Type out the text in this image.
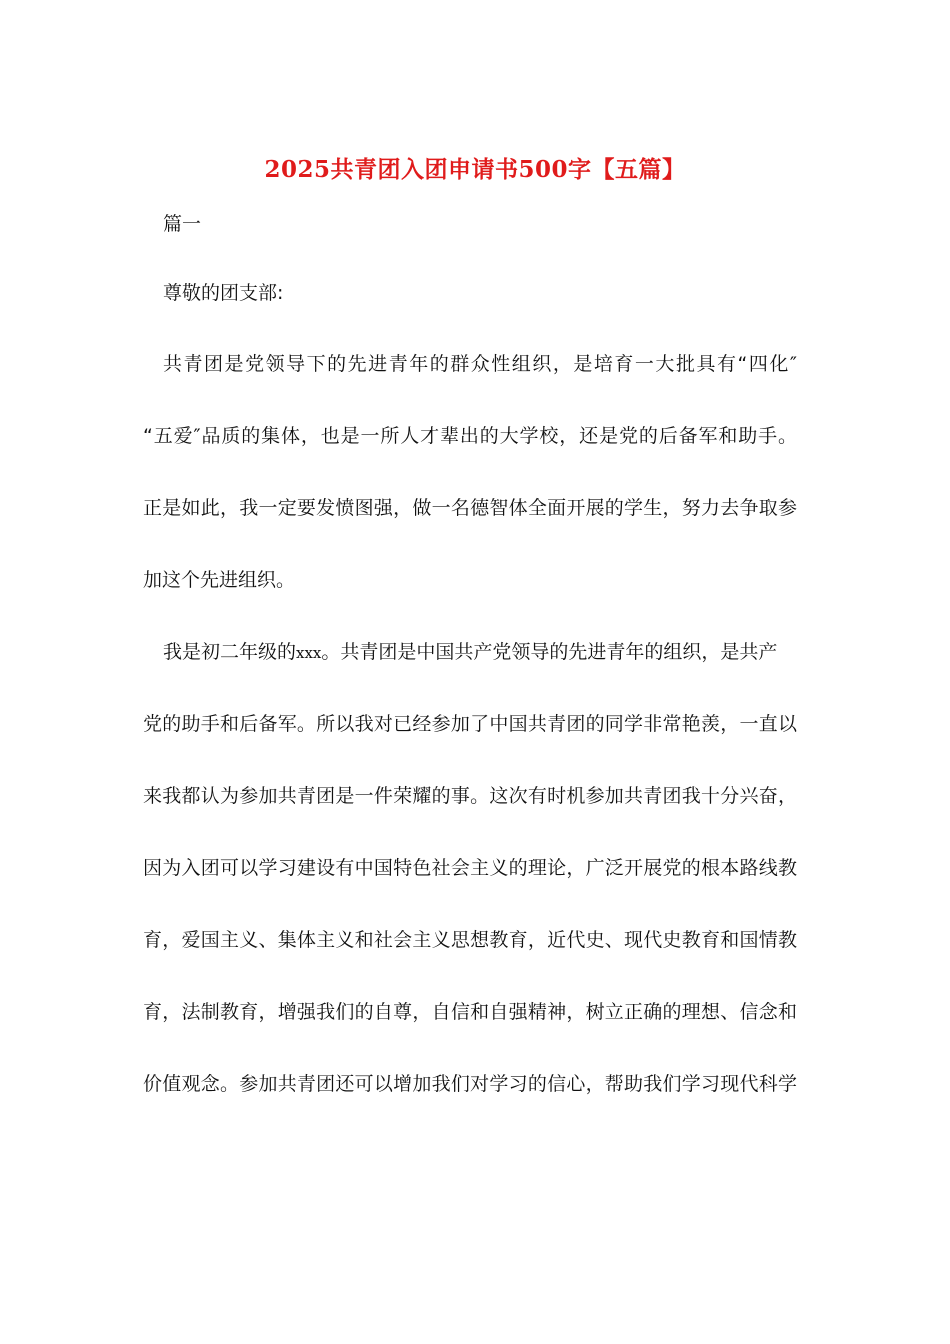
2025共青团入团申请书500字【五篇】
篇一
尊敬的团支部:
共青团是党领导下的先进青年的群众性组织，是培育一大批具有“四化″
“五爱″品质的集体，也是一所人才辈出的大学校，还是党的后备军和助手。
正是如此，我一定要发愤图强，做一名德智体全面开展的学生，努力去争取参
加这个先进组织。
我是初二年级的xxx。共青团是中国共产党领导的先进青年的组织，是共产
党的助手和后备军。所以我对已经参加了中国共青团的同学非常艳羡，一直以
来我都认为参加共青团是一件荣耀的事。这次有时机参加共青团我十分兴奋，
因为入团可以学习建设有中国特色社会主义的理论，广泛开展党的根本路线教
育，爱国主义、集体主义和社会主义思想教育，近代史、现代史教育和国情教
育，法制教育，增强我们的自尊，自信和自强精神，树立正确的理想、信念和
价值观念。参加共青团还可以增加我们对学习的信心，帮助我们学习现代科学
